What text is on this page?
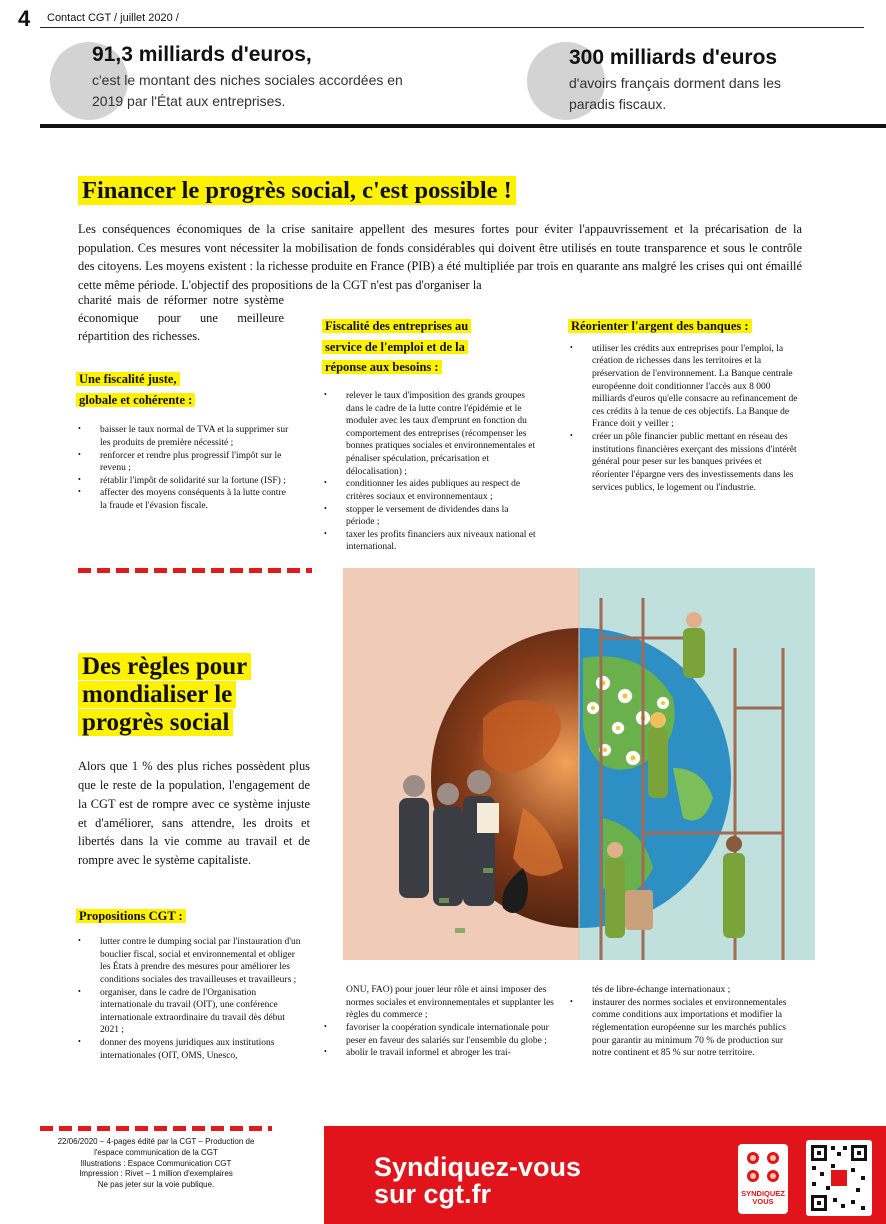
4 Contact CGT / juillet 2020 /
91,3 milliards d'euros,
c'est le montant des niches sociales accordées en 2019 par l'État aux entreprises.
300 milliards d'euros
d'avoirs français dorment dans les paradis fiscaux.
Financer le progrès social, c'est possible !

Les conséquences économiques de la crise sanitaire appellent des mesures fortes pour éviter l'appauvrissement et la précarisation de la population. Ces mesures vont nécessiter la mobilisation de fonds considérables qui doivent être utilisés en toute transparence et sous le contrôle des citoyens. Les moyens existent : la richesse produite en France (PIB) a été multipliée par trois en quarante ans malgré les crises qui ont émaillé cette même période. L'objectif des propositions de la CGT n'est pas d'organiser la

charité mais de réformer notre système économique pour une meilleure répartition des richesses.

Une fiscalité juste,
globale et cohérente :
• baisser le taux normal de TVA et la supprimer sur les produits de première nécessité ;
• renforcer et rendre plus progressif l'impôt sur le revenu ;
• rétablir l'impôt de solidarité sur la fortune (ISF) ;
• affecter des moyens conséquents à la lutte contre la fraude et l'évasion fiscale.
Fiscalité des entreprises au
service de l'emploi et de la
réponse aux besoins :
• relever le taux d'imposition des grands groupes dans le cadre de la lutte contre l'épidémie et le moduler avec les taux d'emprunt en fonction du comportement des entreprises (récompenser les bonnes pratiques sociales et environnementales et pénaliser spéculation, précarisation et délocalisation) ;
• conditionner les aides publiques au respect de critères sociaux et environnementaux ;
• stopper le versement de dividendes dans la période ;
• taxer les profits financiers aux niveaux national et international.
Réorienter l'argent des banques :
• utiliser les crédits aux entreprises pour l'emploi, la création de richesses dans les territoires et la préservation de l'environnement. La Banque centrale européenne doit conditionner l'accès aux 8 000 milliards d'euros qu'elle consacre au refinancement de ces crédits à la tenue de ces objectifs. La Banque de France doit y veiller ;
• créer un pôle financier public mettant en réseau des institutions financières exerçant des missions d'intérêt général pour peser sur les banques privées et réorienter l'épargne vers des investissements dans les services publics, le logement ou l'industrie.
Des règles pour
mondialiser le
progrès social

Alors que 1 % des plus riches possèdent plus que le reste de la population, l'engagement de la CGT est de rompre avec ce système injuste et d'améliorer, sans attendre, les droits et libertés dans la vie comme au travail et de rompre avec le système capitaliste.

Propositions CGT :
• lutter contre le dumping social par l'instauration d'un bouclier fiscal, social et environnemental et obliger les États à prendre des mesures pour améliorer les conditions sociales des travailleuses et travailleurs ;
• organiser, dans le cadre de l'Organisation internationale du travail (OIT), une conférence internationale extraordinaire du travail dès début 2021 ;
• donner des moyens juridiques aux institutions internationales (OIT, OMS, Unesco,
ONU, FAO) pour jouer leur rôle et ainsi imposer des normes sociales et environnementales et supplanter les règles du commerce ;
• favoriser la coopération syndicale internationale pour peser en faveur des salariés sur l'ensemble du globe ;
• abolir le travail informel et abroger les trai-
tés de libre-échange internationaux ;
• instaurer des normes sociales et environnementales comme conditions aux importations et modifier la réglementation européenne sur les marchés publics pour garantir au minimum 70 % de production sur notre continent et 85 % sur notre territoire.
22/06/2020 – 4-pages édité par la CGT – Production de
l'espace communication de la CGT
Illustrations : Espace Communication CGT
Impression : Rivet – 1 million d'exemplaires
Ne pas jeter sur la voie publique.
Syndiquez-vous
sur cgt.fr	SYNDIQUEZ
VOUS
